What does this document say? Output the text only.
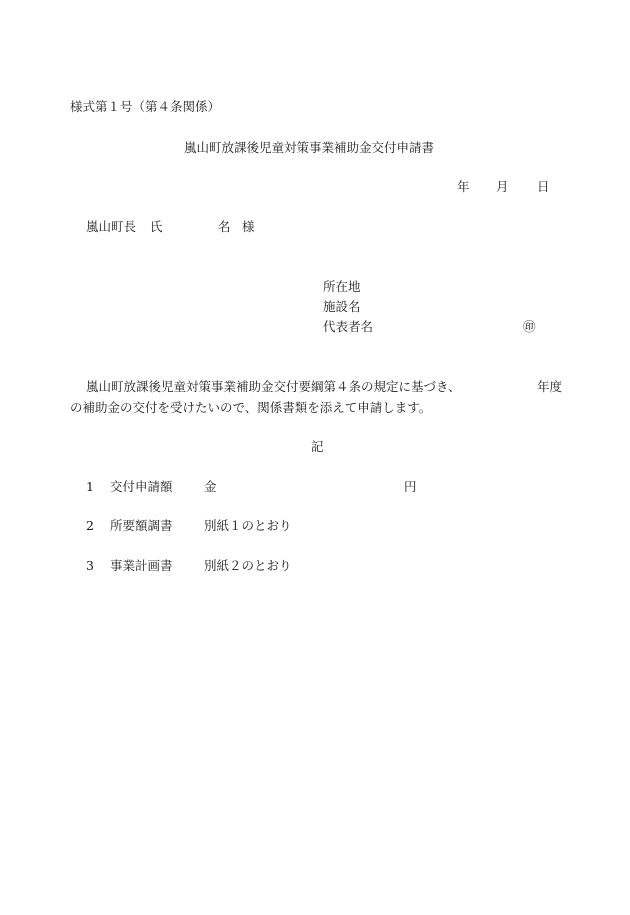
様式第１号（第４条関係）
嵐山町放課後児童対策事業補助金交付申請書
年 月 日
嵐山町長 氏	名 様
所在地
施設名
代表者名	㊞
嵐山町放課後児童対策事業補助金交付要綱第４条の規定に基づき、	年度
の補助金の交付を受けたいので、関係書類を添えて申請します。
記
1 交付申請額	金	円
2 所要額調書	別紙１のとおり
3 事業計画書	別紙２のとおり
